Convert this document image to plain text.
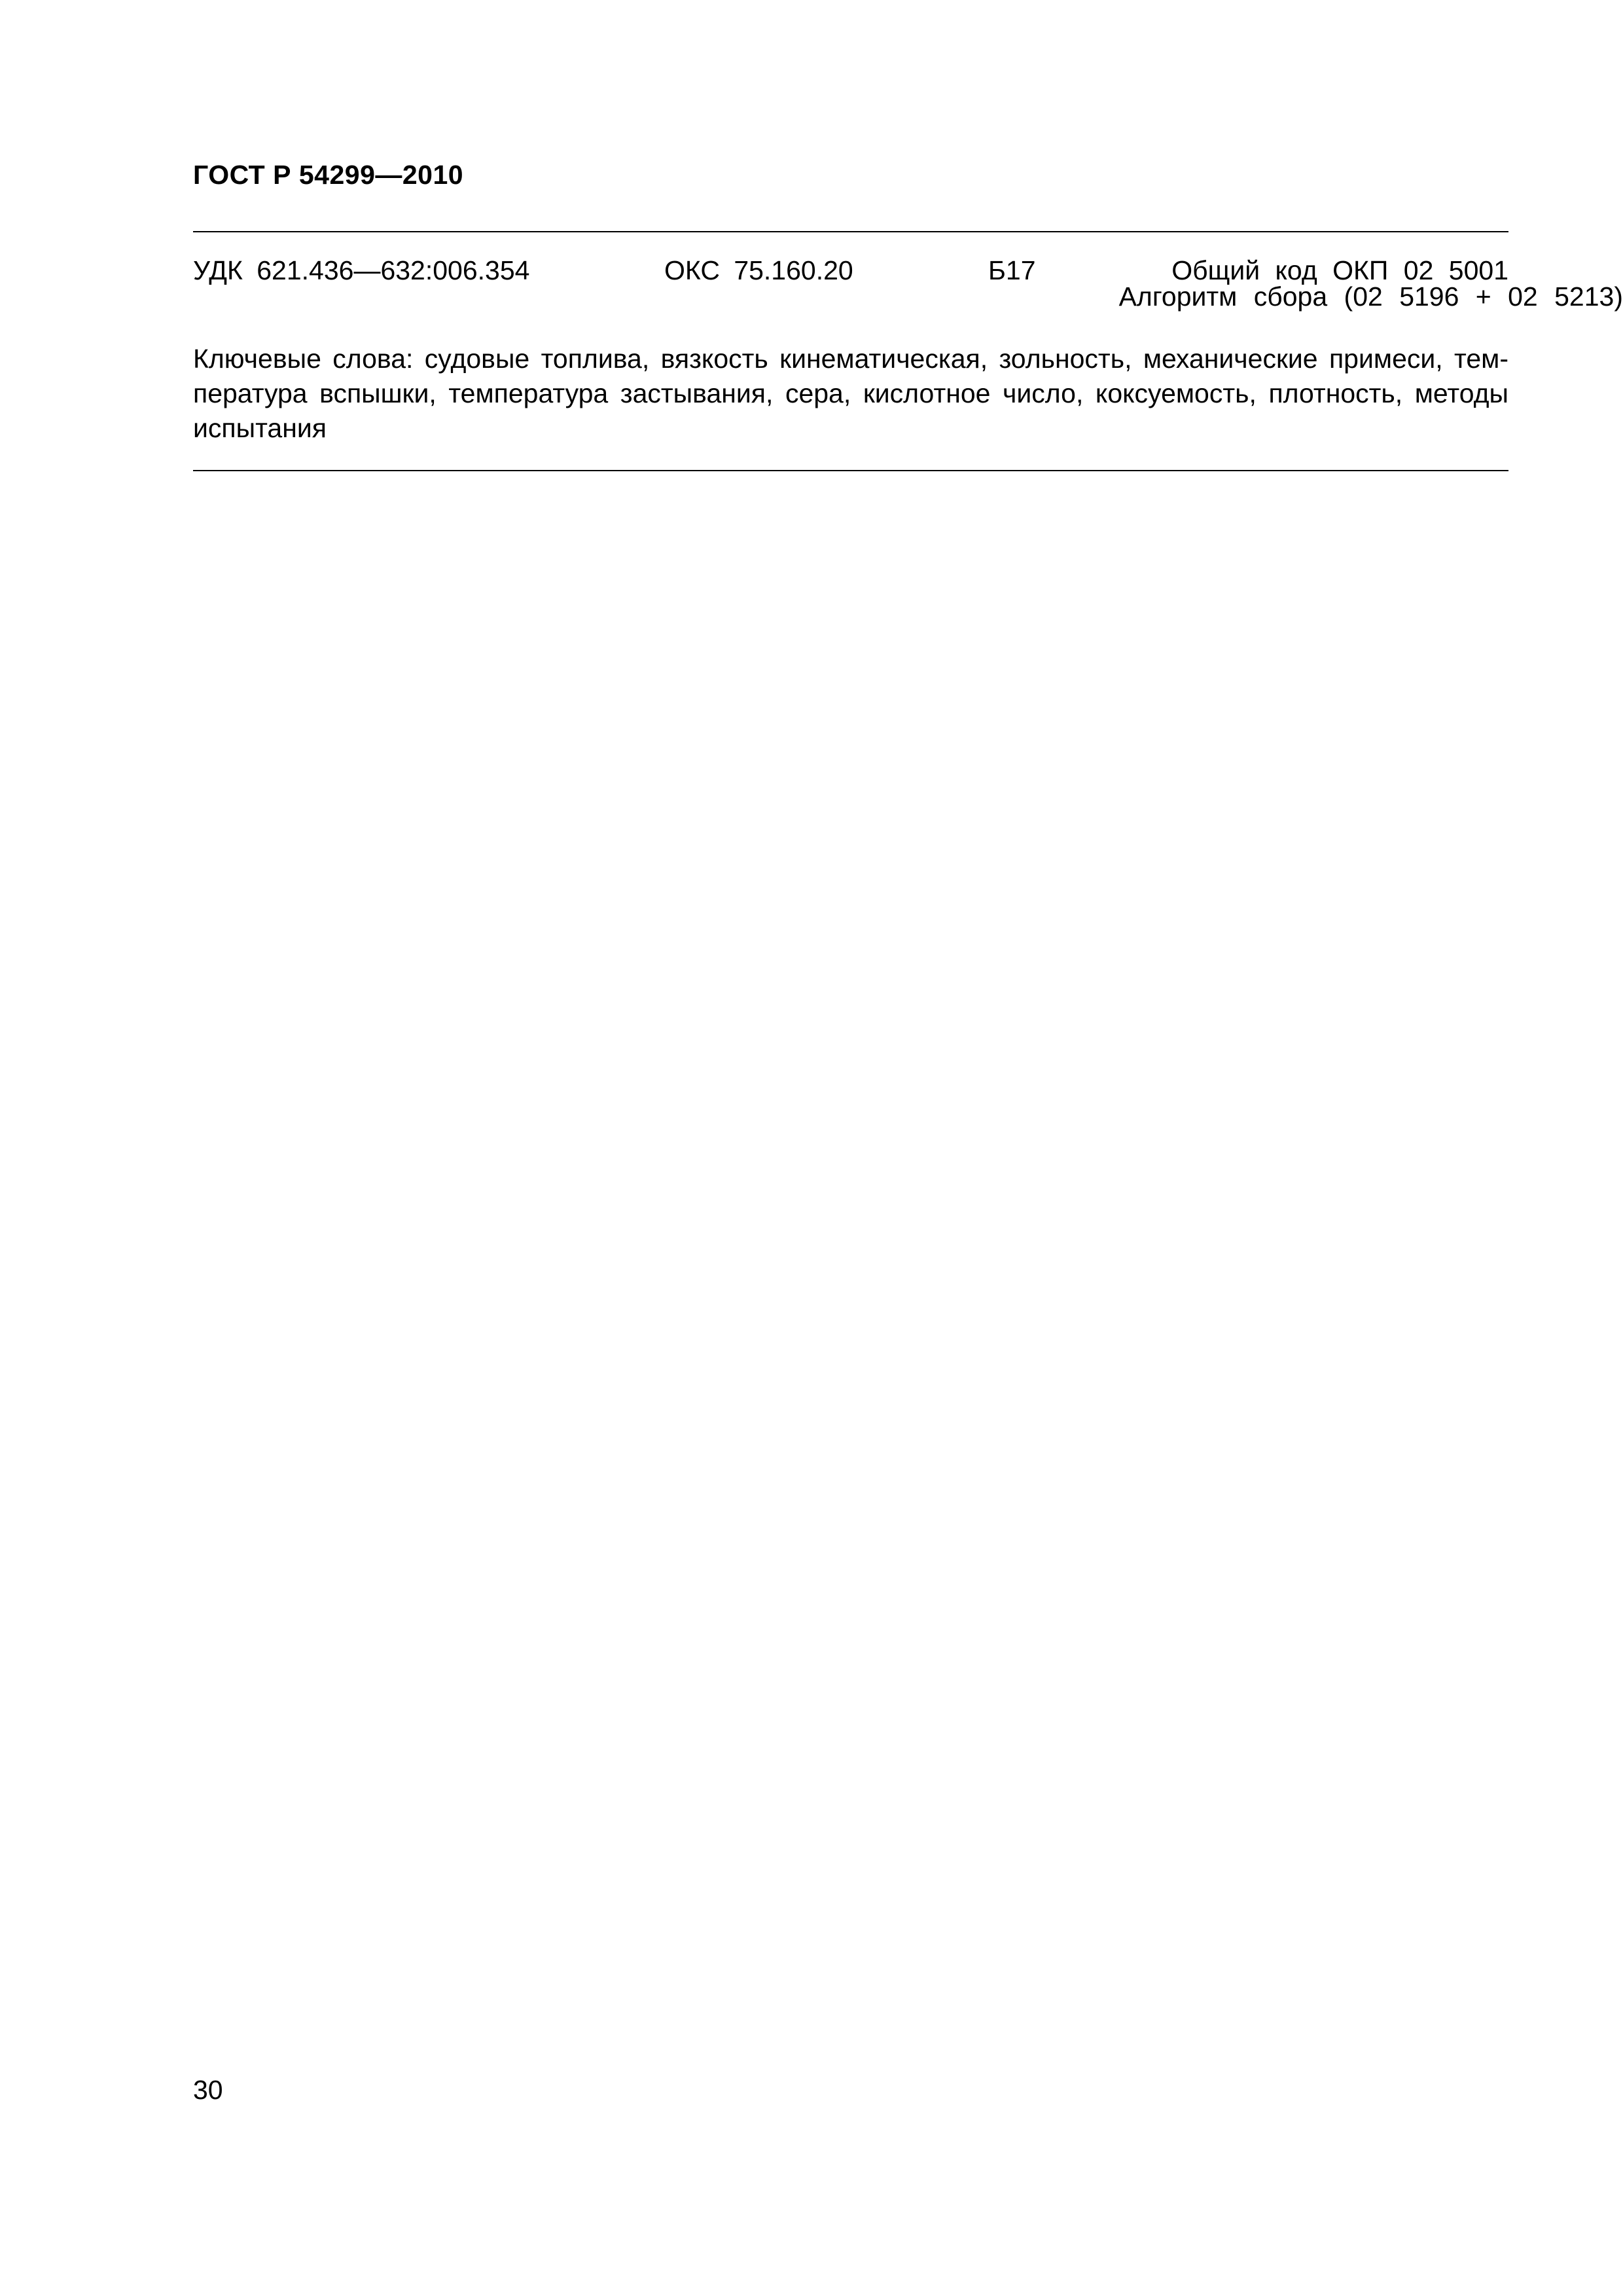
ГОСТ Р 54299—2010
УДК 621.436—632:006.354	ОКС 75.160.20	Б17	Общий код ОКП 02 5001
Алгоритм сбора (02 5196 + 02 5213)
Ключевые слова: судовые топлива, вязкость кинематическая, зольность, механические примеси, тем-
пература вспышки, температура застывания, сера, кислотное число, коксуемость, плотность, методы
испытания
30
